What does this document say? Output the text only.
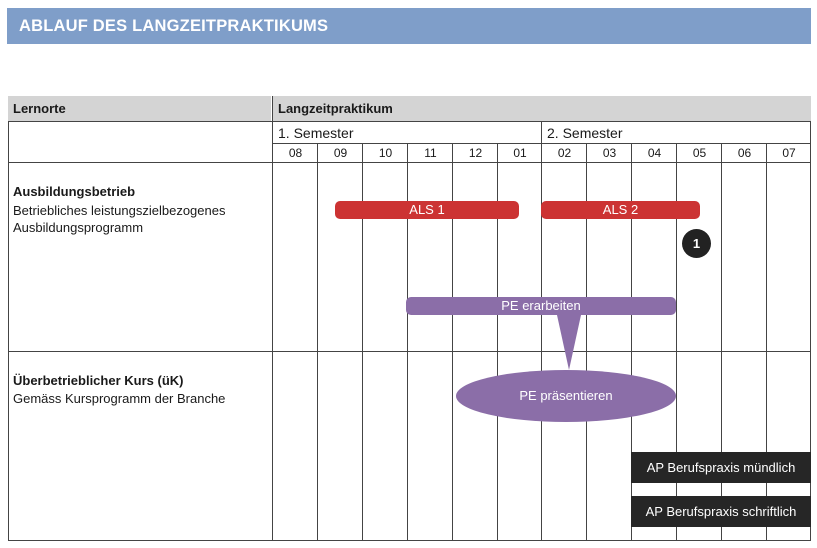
ABLAUF DES LANGZEITPRAKTIKUMS
Lernorte	Langzeitpraktikum
1. Semester	2. Semester
08	09	10	11	12	01	02	03	04	05	06	07
Ausbildungsbetrieb
Betriebliches leistungszielbezogenes Ausbildungsprogramm
Überbetrieblicher Kurs (üK)
Gemäss Kursprogramm der Branche
ALS 1	ALS 2
1
PE erarbeiten
PE präsentieren
AP Berufspraxis mündlich
AP Berufspraxis schriftlich
